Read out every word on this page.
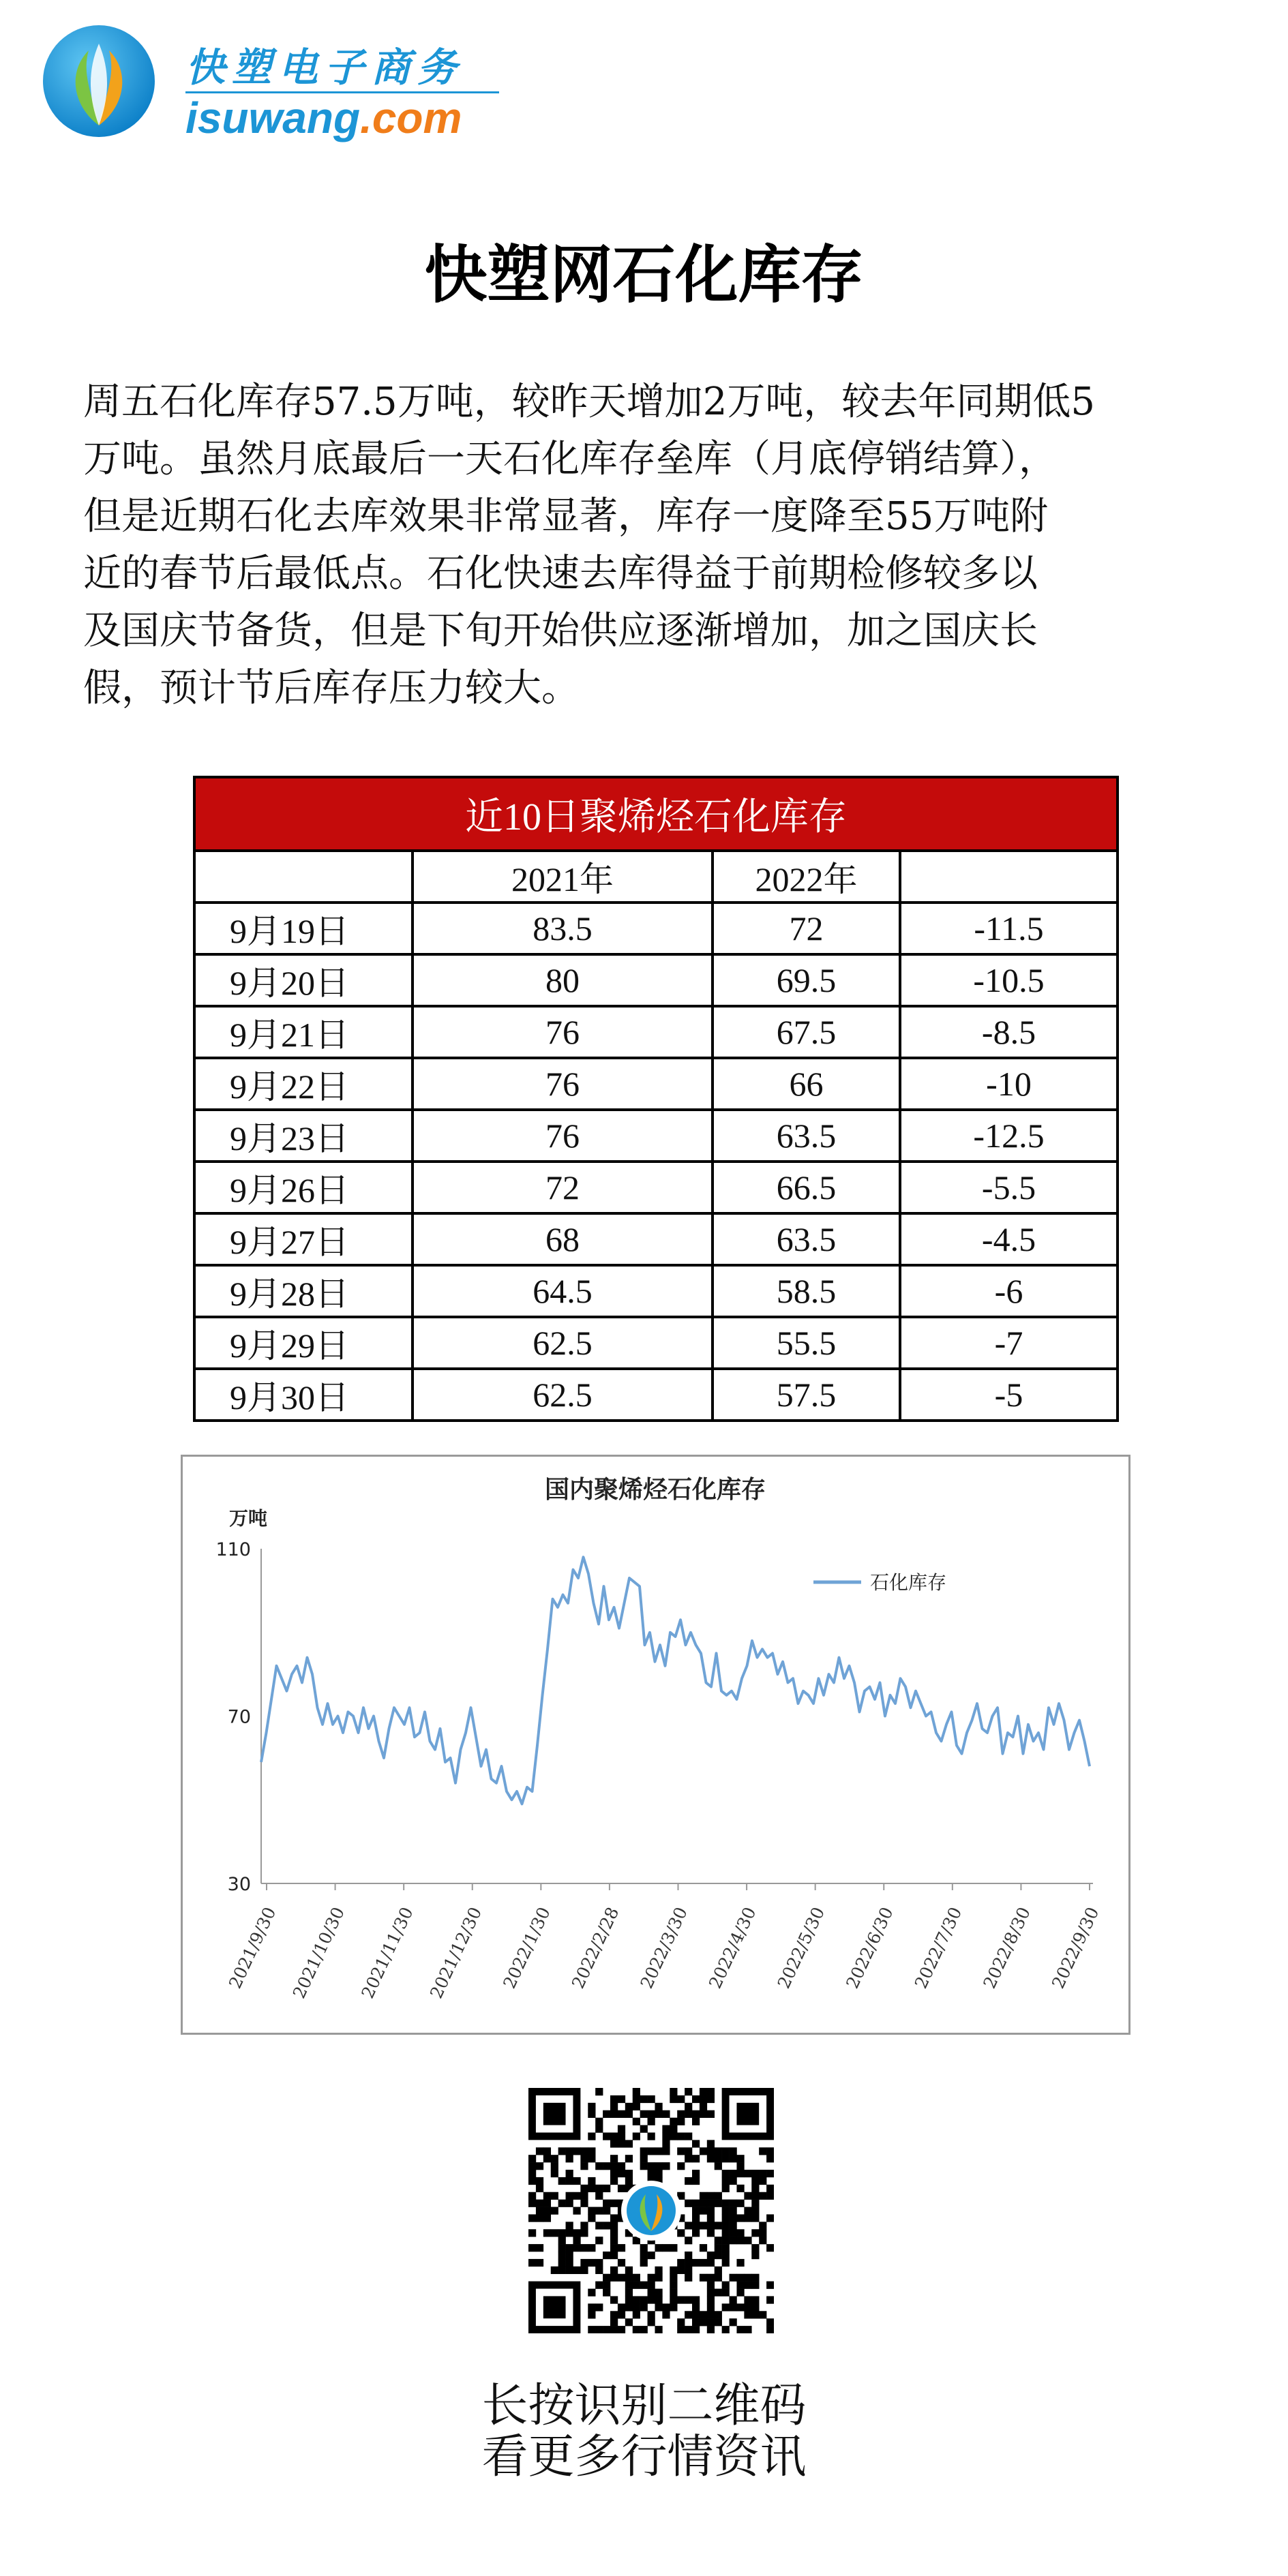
快塑电子商务
isuwang.com
快塑网石化库存

周五石化库存57.5万吨，较昨天增加2万吨，较去年同期低5

万吨。虽然月底最后一天石化库存垒库（月底停销结算），

但是近期石化去库效果非常显著，库存一度降至55万吨附

近的春节后最低点。石化快速去库得益于前期检修较多以

及国庆节备货，但是下旬开始供应逐渐增加，加之国庆长

假，预计节后库存压力较大。

近10日聚烯烃石化库存			
	2021年	2022年	
9月19日	83.5	72	-11.5
9月20日	80	69.5	-10.5
9月21日	76	67.5	-8.5
9月22日	76	66	-10
9月23日	76	63.5	-12.5
9月26日	72	66.5	-5.5
9月27日	68	63.5	-4.5
9月28日	64.5	58.5	-6
9月29日	62.5	55.5	-7
9月30日	62.5	57.5	-5
国内聚烯烃石化库存
万吨
30
70
110
2021/9/30 2021/10/30 2021/11/30 2021/12/30 2022/1/30 2022/2/28 2022/3/30 2022/4/30 2022/5/30 2022/6/30 2022/7/30 2022/8/30 2022/9/30
石化库存
长按识别二维码
看更多行情资讯
